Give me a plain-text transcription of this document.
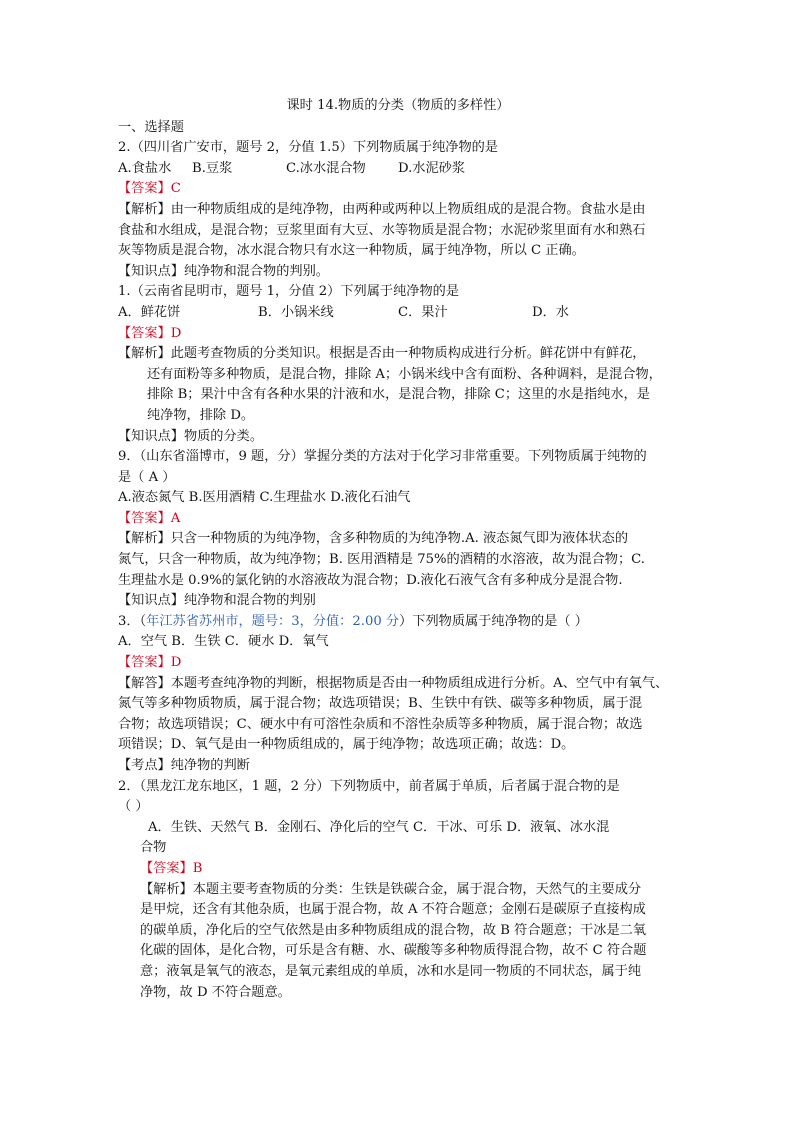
课时 14.物质的分类（物质的多样性）
一、选择题
2.（四川省广安市，题号 2，分值 1.5）下列物质属于纯净物的是
A.食盐水 B.豆浆	C.冰水混合物 D.水泥砂浆
【答案】C
【解析】由一种物质组成的是纯净物，由两种或两种以上物质组成的是混合物。食盐水是由
食盐和水组成，是混合物；豆浆里面有大豆、水等物质是混合物；水泥砂浆里面有水和熟石
灰等物质是混合物，冰水混合物只有水这一种物质，属于纯净物，所以 C 正确。
【知识点】纯净物和混合物的判别。
1.（云南省昆明市，题号 1，分值 2）下列属于纯净物的是
A．鲜花饼	B．小锅米线	C．果汁	D．水
【答案】D
【解析】此题考查物质的分类知识。根据是否由一种物质构成进行分析。鲜花饼中有鲜花，
还有面粉等多种物质，是混合物，排除 A；小锅米线中含有面粉、各种调料，是混合物，
排除 B；果汁中含有各种水果的汁液和水，是混合物，排除 C；这里的水是指纯水，是
纯净物，排除 D。
【知识点】物质的分类。
9．（山东省淄博市，9 题，分）掌握分类的方法对于化学习非常重要。下列物质属于纯物的
是（ A ）
A.液态氮气 B.医用酒精 C.生理盐水 D.液化石油气
【答案】A
【解析】只含一种物质的为纯净物，含多种物质的为纯净物.A. 液态氮气即为液体状态的
氮气，只含一种物质，故为纯净物；B. 医用酒精是 75%的酒精的水溶液，故为混合物；C.
生理盐水是 0.9%的氯化钠的水溶液故为混合物；D.液化石液气含有多种成分是混合物.
【知识点】纯净物和混合物的判别
3．（年江苏省苏州市，题号：3，分值：2.00 分）下列物质属于纯净物的是（ ）
A．空气 B．生铁 C．硬水 D．氧气
【答案】D
【解答】本题考查纯净物的判断，根据物质是否由一种物质组成进行分析。A、空气中有氧气、
氮气等多种物质物质，属于混合物；故选项错误；B、生铁中有铁、碳等多种物质，属于混
合物；故选项错误；C、硬水中有可溶性杂质和不溶性杂质等多种物质，属于混合物；故选
项错误；D、氧气是由一种物质组成的，属于纯净物；故选项正确；故选：D。
【考点】纯净物的判断
2．（黑龙江龙东地区，1 题，2 分）下列物质中，前者属于单质，后者属于混合物的是
（ ）
A．生铁、天然气 B．金刚石、净化后的空气 C．干冰、可乐 D．液氧、冰水混
合物
【答案】B
【解析】本题主要考查物质的分类：生铁是铁碳合金，属于混合物，天然气的主要成分
是甲烷，还含有其他杂质，也属于混合物，故 A 不符合题意；金刚石是碳原子直接构成
的碳单质，净化后的空气依然是由多种物质组成的混合物，故 B 符合题意；干冰是二氧
化碳的固体，是化合物，可乐是含有糖、水、碳酸等多种物质得混合物，故不 C 符合题
意；液氧是氧气的液态，是氧元素组成的单质，冰和水是同一物质的不同状态，属于纯
净物，故 D 不符合题意。
